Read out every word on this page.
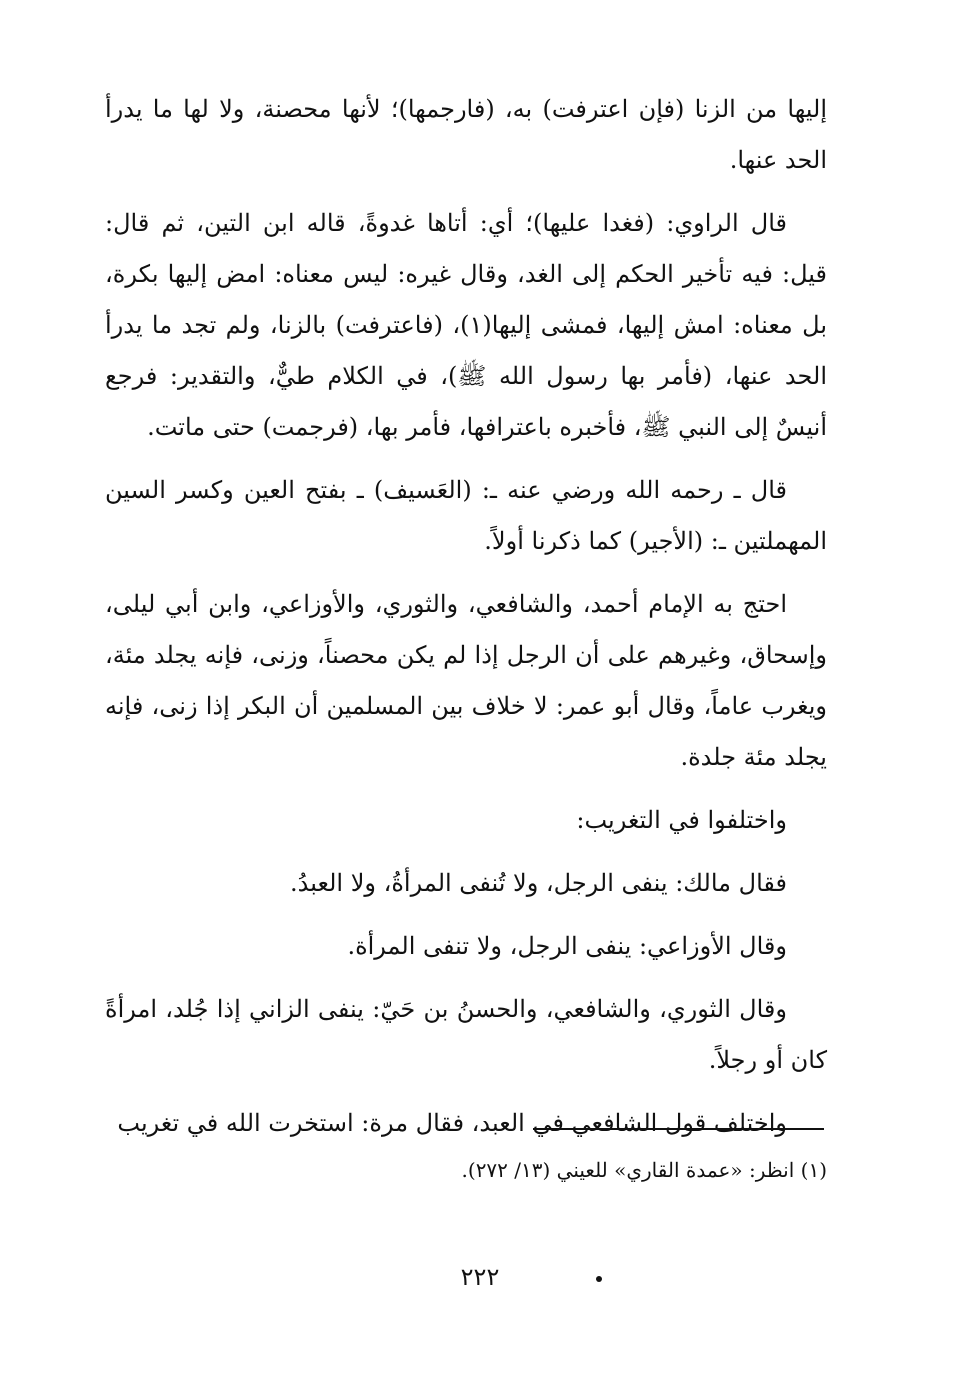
إليها من الزنا (فإن اعترفت) به، (فارجمها)؛ لأنها محصنة، ولا لها ما يدرأ الحد عنها.

قال الراوي: (فغدا عليها)؛ أي: أتاها غدوةً، قاله ابن التين، ثم قال: قيل: فيه تأخير الحكم إلى الغد، وقال غيره: ليس معناه: امض إليها بكرة، بل معناه: امش إليها، فمشى إليها(١)، (فاعترفت) بالزنا، ولم تجد ما يدرأ الحد عنها، (فأمر بها رسول الله ﷺ)، في الكلام طيٌّ، والتقدير: فرجع أنيسٌ إلى النبي ﷺ، فأخبره باعترافها، فأمر بها، (فرجمت) حتى ماتت.

قال ـ رحمه الله ورضي عنه ـ: (العَسيف) ـ بفتح العين وكسر السين المهملتين ـ: (الأجير) كما ذكرنا أولاً.

احتج به الإمام أحمد، والشافعي، والثوري، والأوزاعي، وابن أبي ليلى، وإسحاق، وغيرهم على أن الرجل إذا لم يكن محصناً، وزنى، فإنه يجلد مئة، ويغرب عاماً، وقال أبو عمر: لا خلاف بين المسلمين أن البكر إذا زنى، فإنه يجلد مئة جلدة.

واختلفوا في التغريب:

فقال مالك: ينفى الرجل، ولا تُنفى المرأةُ، ولا العبدُ.

وقال الأوزاعي: ينفى الرجل، ولا تنفى المرأة.

وقال الثوري، والشافعي، والحسنُ بن حَيّ: ينفى الزاني إذا جُلد، امرأةً كان أو رجلاً.

واختلف قول الشافعي في العبد، فقال مرة: استخرت الله في تغريب

(١) انظر: «عمدة القاري» للعيني (١٣/ ٢٧٢).
٢٢٢
